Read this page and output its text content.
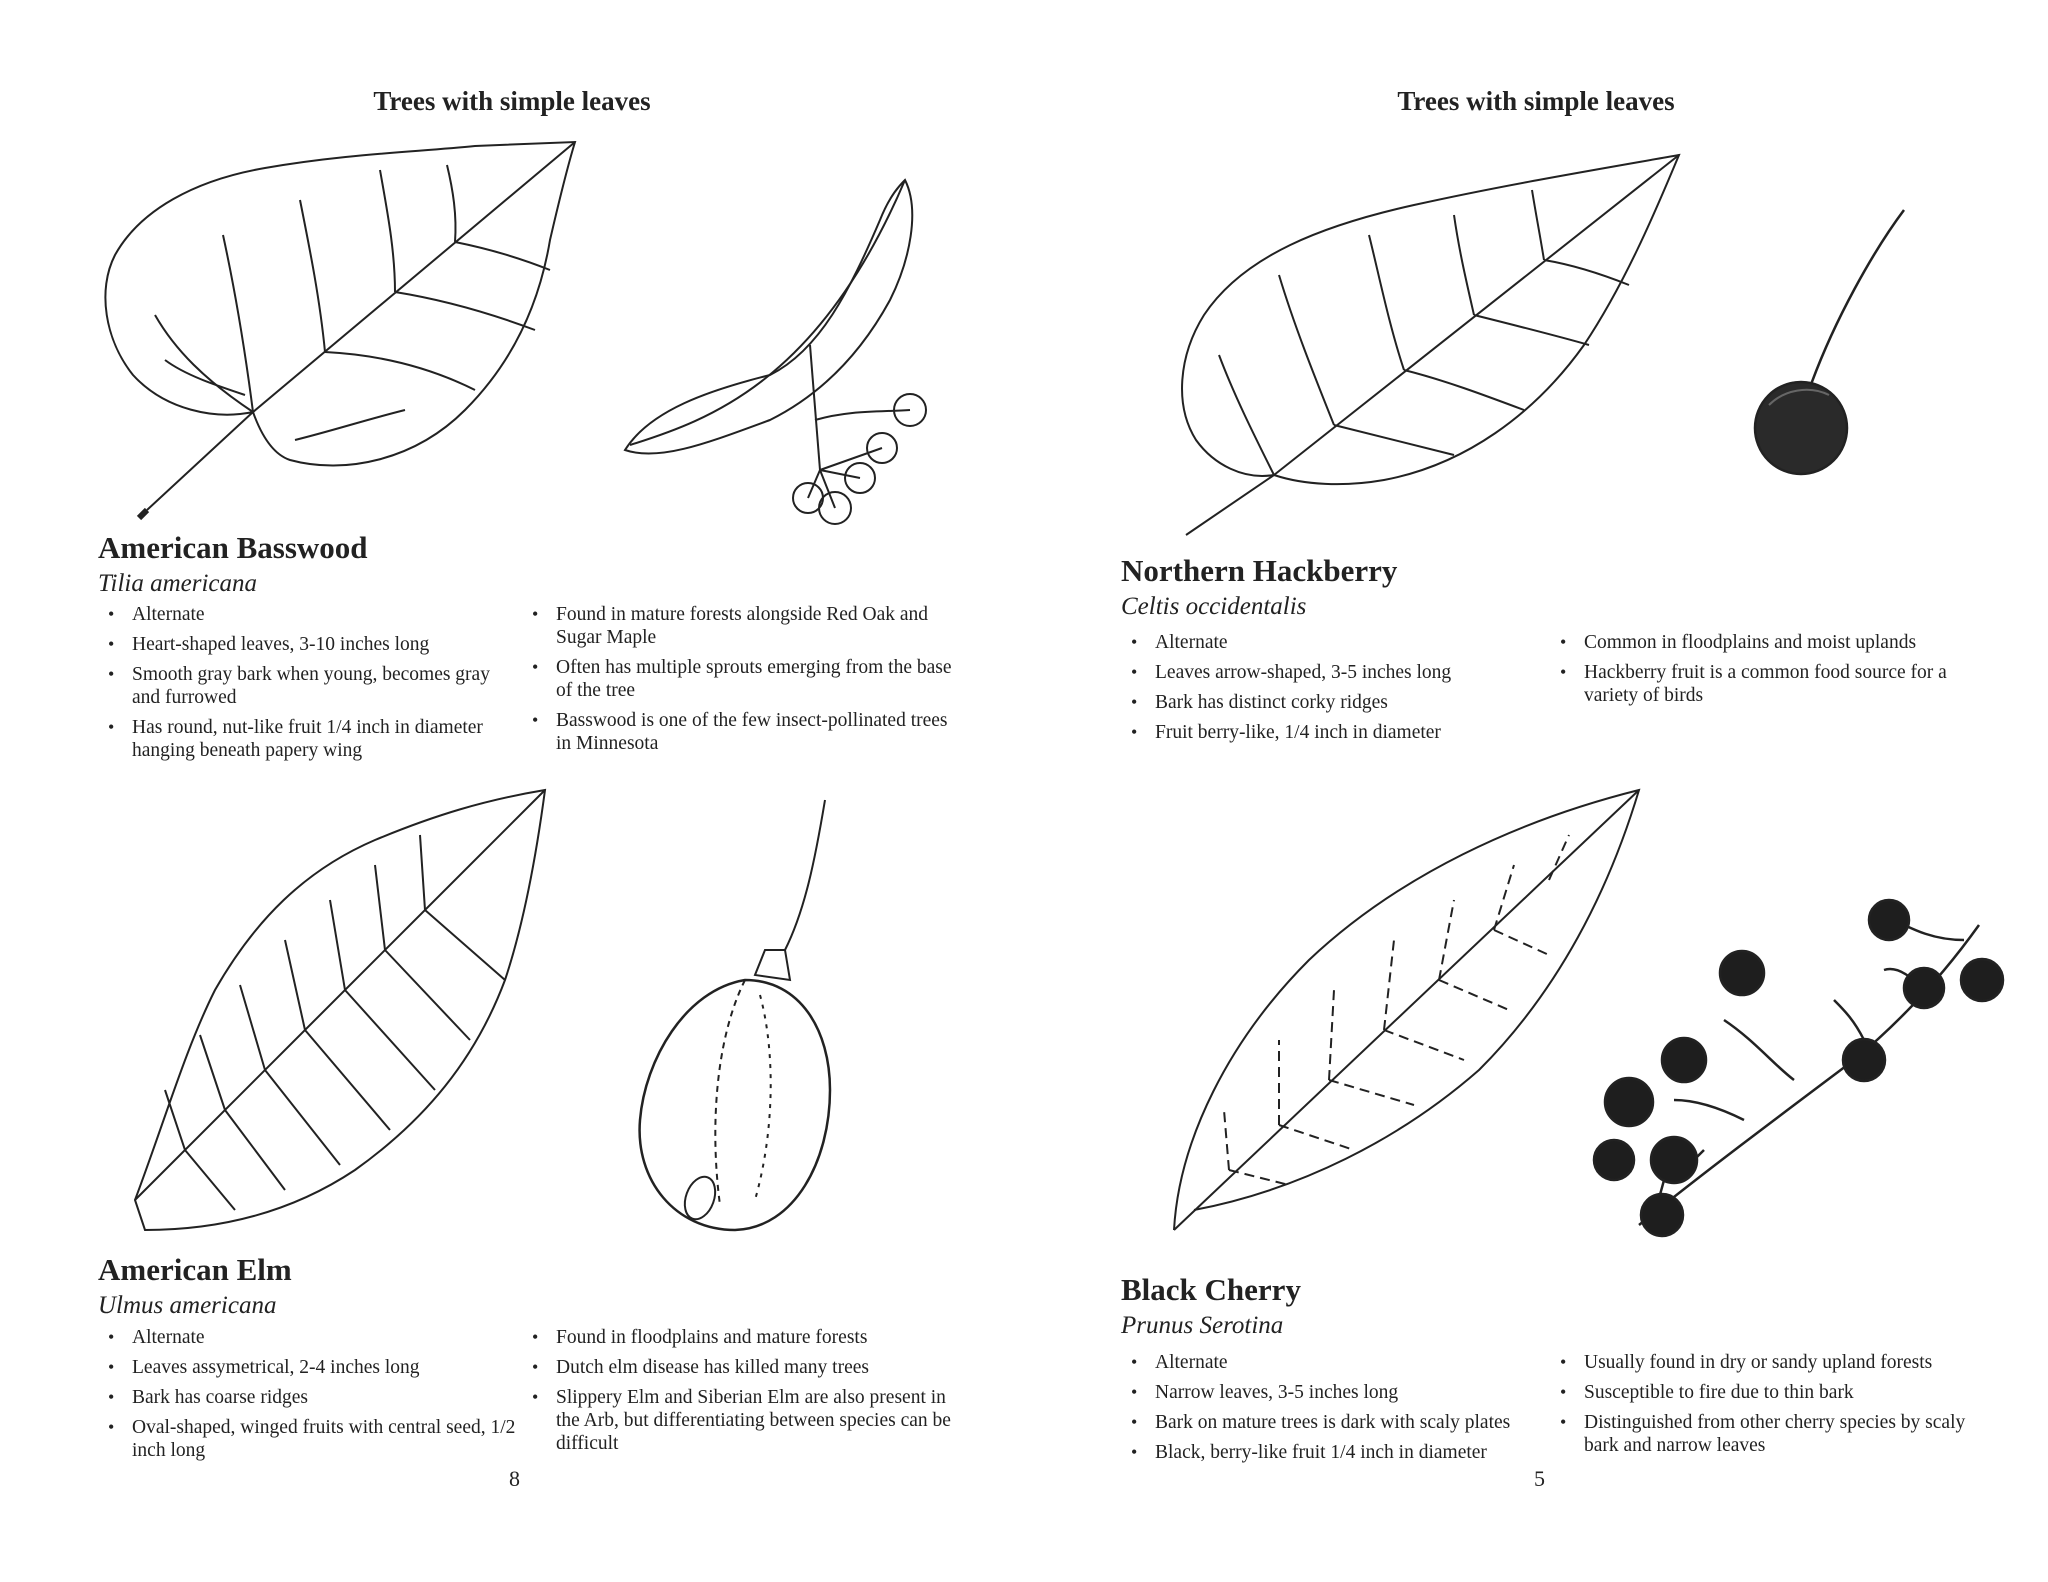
Trees with simple leaves
American Basswood
Tilia americana
• Alternate
• Heart-shaped leaves, 3-10 inches long
• Smooth gray bark when young, becomes gray and furrowed
• Has round, nut-like fruit 1/4 inch in diameter hanging beneath papery wing
• Found in mature forests alongside Red Oak and Sugar Maple
• Often has multiple sprouts emerging from the base of the tree
• Basswood is one of the few insect-pollinated trees in Minnesota
American Elm
Ulmus americana
• Alternate
• Leaves assymetrical, 2-4 inches long
• Bark has coarse ridges
• Oval-shaped, winged fruits with central seed, 1/2 inch long
• Found in floodplains and mature forests
• Dutch elm disease has killed many trees
• Slippery Elm and Siberian Elm are also present in the Arb, but differentiating between species can be difficult
8
Trees with simple leaves
Northern Hackberry
Celtis occidentalis
• Alternate
• Leaves arrow-shaped, 3-5 inches long
• Bark has distinct corky ridges
• Fruit berry-like, 1/4 inch in diameter
• Common in floodplains and moist uplands
• Hackberry fruit is a common food source for a variety of birds
Black Cherry
Prunus Serotina
• Alternate
• Narrow leaves, 3-5 inches long
• Bark on mature trees is dark with scaly plates
• Black, berry-like fruit 1/4 inch in diameter
• Usually found in dry or sandy upland forests
• Susceptible to fire due to thin bark
• Distinguished from other cherry species by scaly bark and narrow leaves
5
